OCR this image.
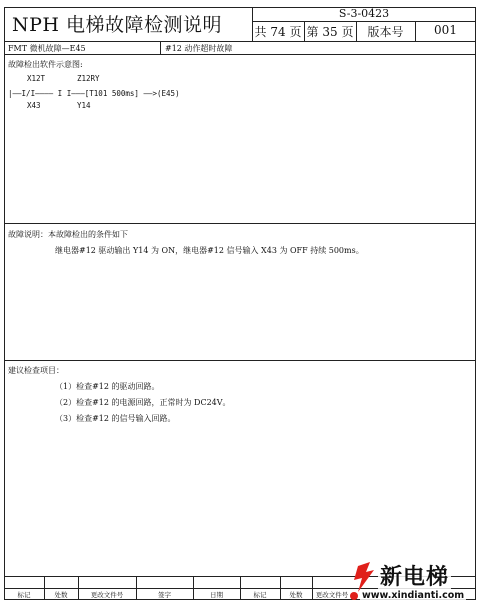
NPH 电梯故障检测说明
S-3-0423
共 74 页 第 35 页	版本号	001
FMT 微机故障—E45	#12 动作超时故障
故障检出软件示意图:
X12T	Z12RY
|——I/I———— I I———[T101 500ms] ——>(E45)
X43	Y14
故障说明：本故障检出的条件如下
继电器#12 驱动输出 Y14 为 ON，继电器#12 信号输入 X43 为 OFF 持续 500ms。
建议检查项目：
（1）检查#12 的驱动回路。
（2）检查#12 的电源回路，正常时为 DC24V。
（3）检查#12 的信号输入回路。
标记	处数	更改文件号	签字	日期	标记	处数	更改文件号
新电梯
www.xindianti.com
